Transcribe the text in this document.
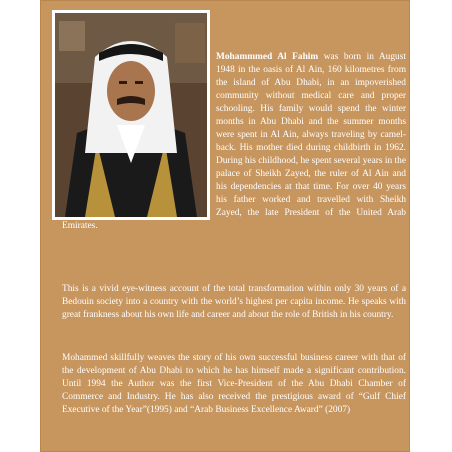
Mohammmed Al Fahim was born in August 1948 in the oasis of Al Ain, 160 kilometres from the island of Abu Dhabi, in an impoverished community without medical care and proper schooling. His family would spend the winter months in Abu Dhabi and the summer months were spent in Al Ain, always traveling by camel-back. His mother died during childbirth in 1962. During his childhood, he spent several years in the palace of Sheikh Zayed, the ruler of Al Ain and his dependencies at that time. For over 40 years his father worked and travelled with Sheikh Zayed, the late President of the United Arab Emirates.

This is a vivid eye-witness account of the total transformation within only 30 years of a Bedouin society into a country with the world’s highest per capita income. He speaks with great frankness about his own life and career and about the role of British in his country.

Mohammed skillfully weaves the story of his own successful business career with that of the development of Abu Dhabi to which he has himself made a significant contribution. Until 1994 the Author was the first Vice-President of the Abu Dhabi Chamber of Commerce and Industry. He has also received the prestigious award of “Gulf Chief Executive of the Year”(1995) and “Arab Business Excellence Award” (2007)
